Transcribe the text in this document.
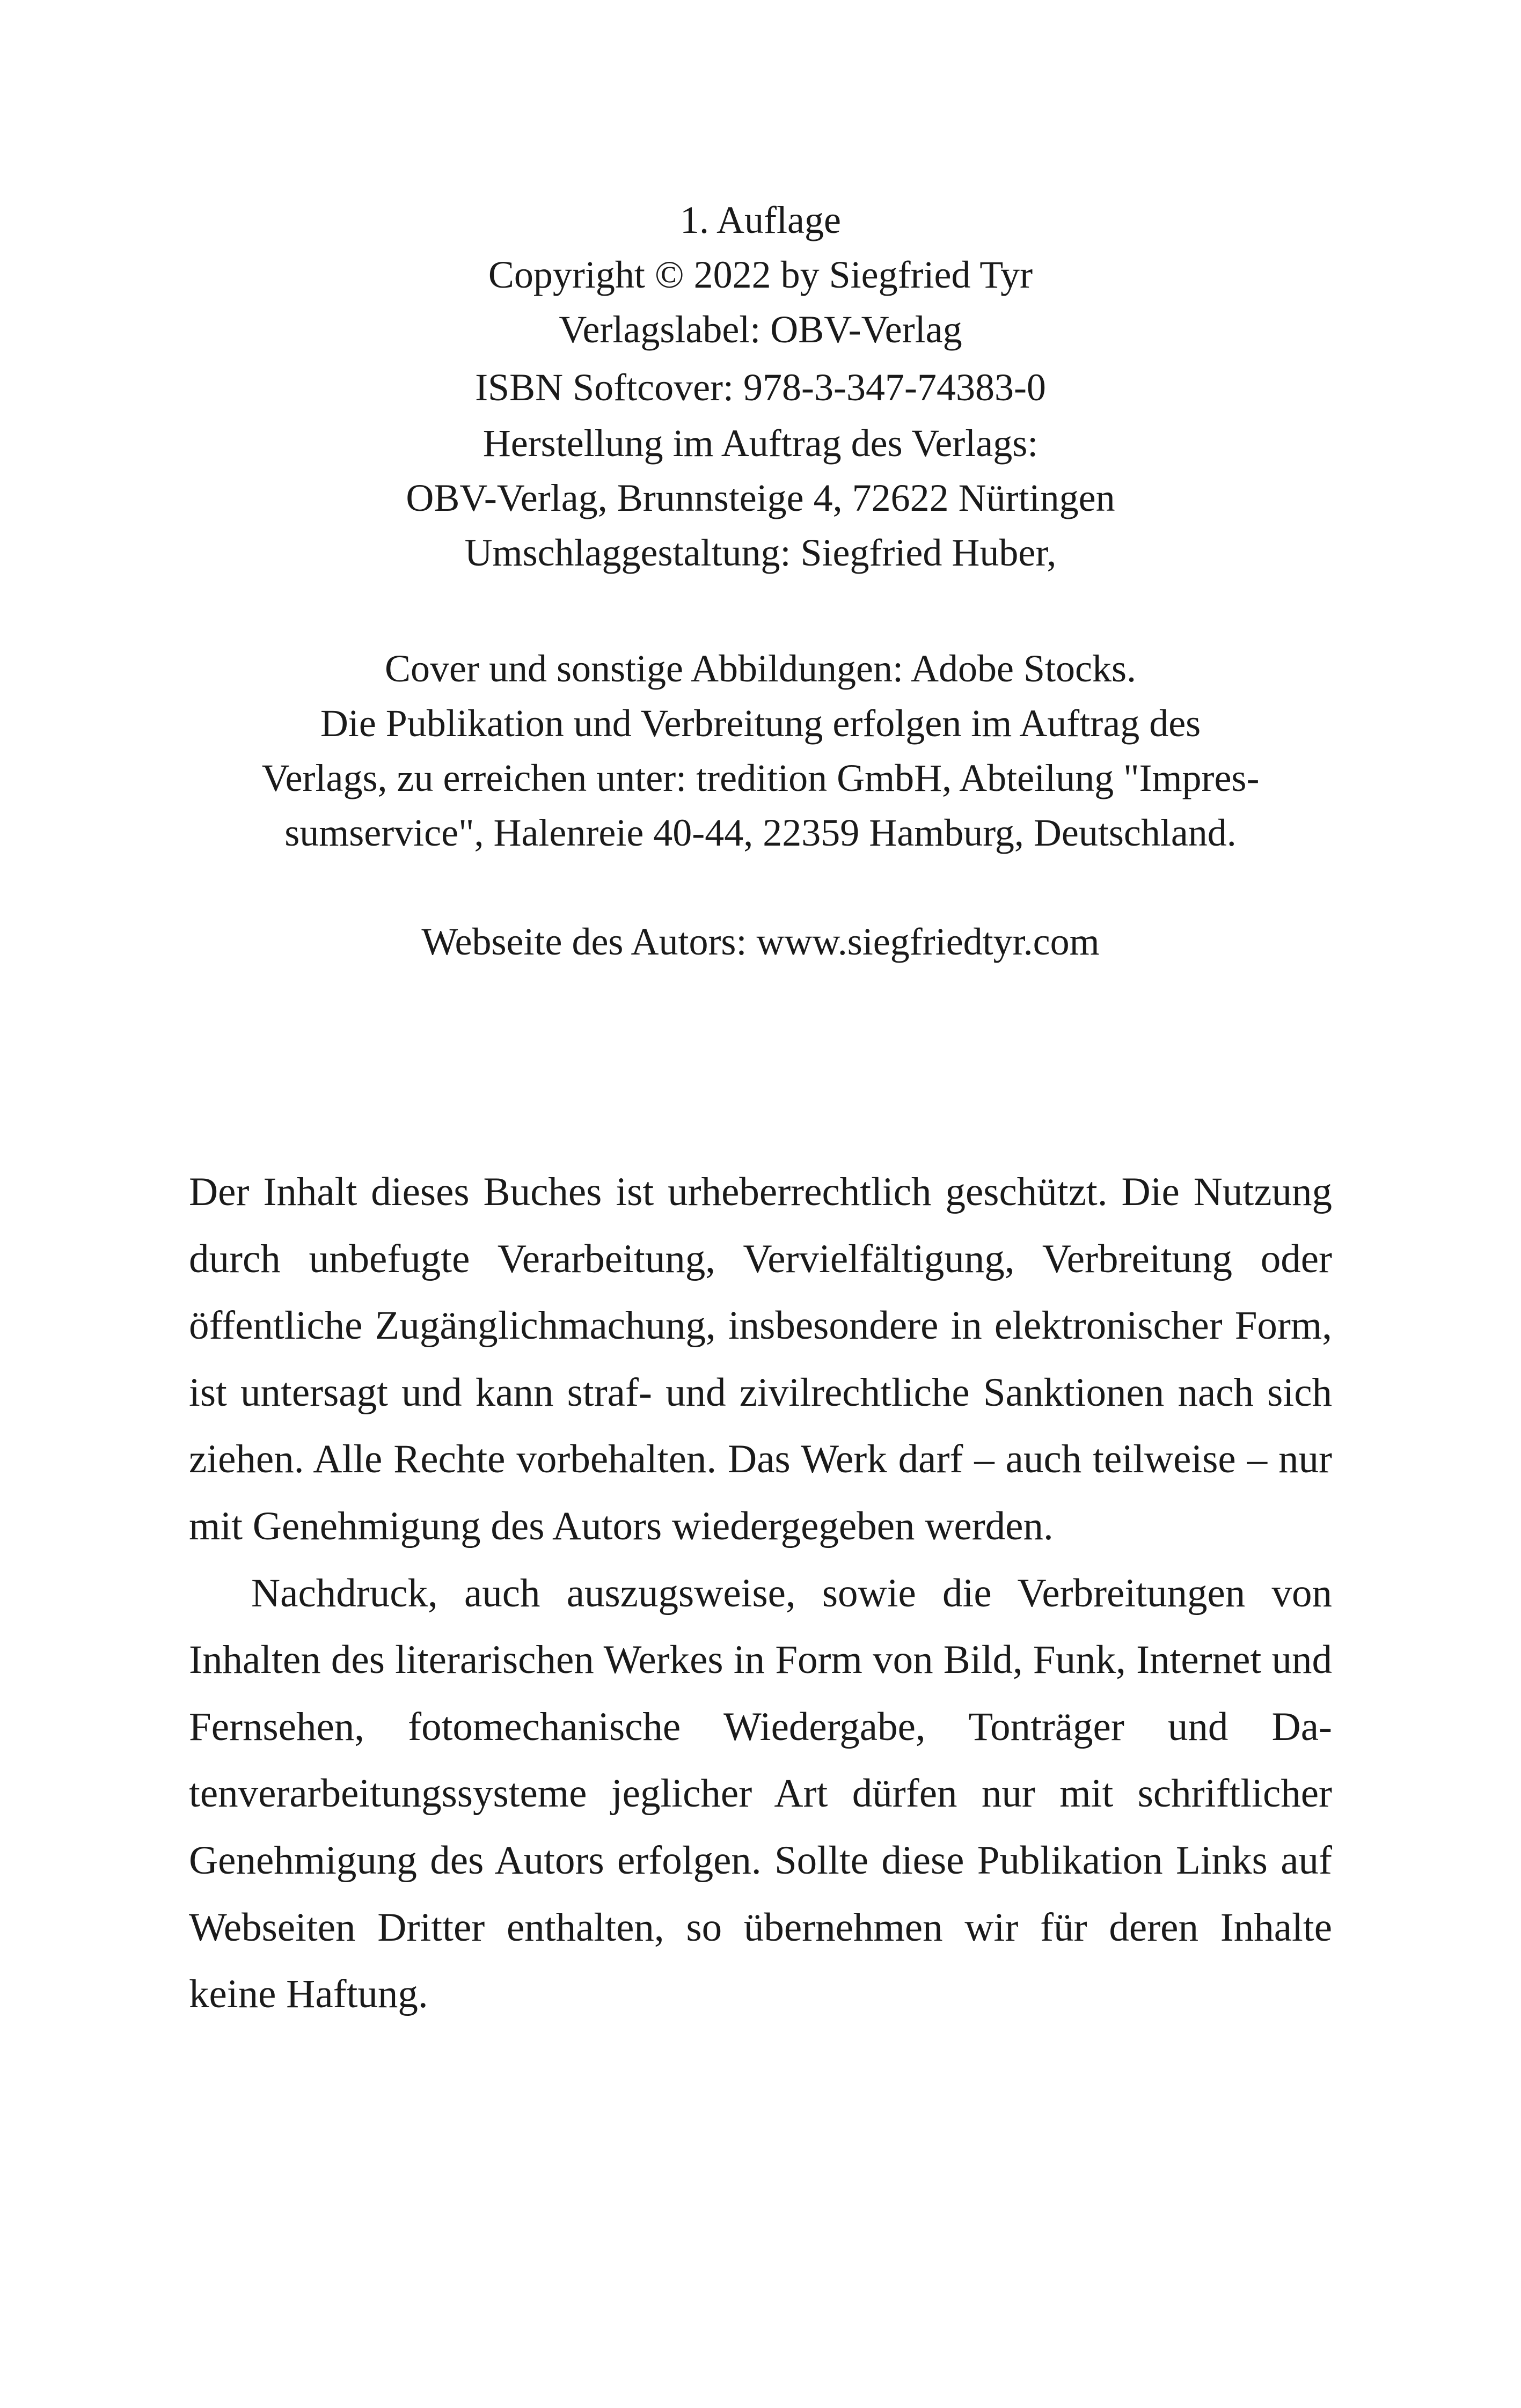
1. Auflage
Copyright © 2022 by Siegfried Tyr
Verlagslabel: OBV-Verlag
ISBN Softcover: 978-3-347-74383-0
Herstellung im Auftrag des Verlags:
OBV-Verlag, Brunnsteige 4, 72622 Nürtingen
Umschlaggestaltung: Siegfried Huber,
Cover und sonstige Abbildungen: Adobe Stocks.
Die Publikation und Verbreitung erfolgen im Auftrag des
Verlags, zu erreichen unter: tredition GmbH, Abteilung "Impres-
sumservice", Halenreie 40-44, 22359 Hamburg, Deutschland.
Webseite des Autors: www.siegfriedtyr.com

Der Inhalt dieses Buches ist urheberrechtlich geschützt. Die Nutzung durch unbefugte Verarbeitung, Vervielfältigung, Verbreitung oder öffentliche Zugänglichmachung, insbesondere in elektronischer Form, ist untersagt und kann straf- und zivilrechtliche Sanktionen nach sich ziehen. Alle Rechte vorbehalten. Das Werk darf – auch teilweise – nur mit Genehmigung des Autors wiedergegeben werden.

Nachdruck, auch auszugsweise, sowie die Verbreitungen von Inhalten des literarischen Werkes in Form von Bild, Funk, Internet und Fernsehen, fotomechanische Wiedergabe, Tonträger und Datenverarbeitungssysteme jeglicher Art dürfen nur mit schriftlicher Genehmigung des Autors erfolgen. Sollte diese Publikation Links auf Webseiten Dritter enthalten, so übernehmen wir für deren Inhalte keine Haftung.
